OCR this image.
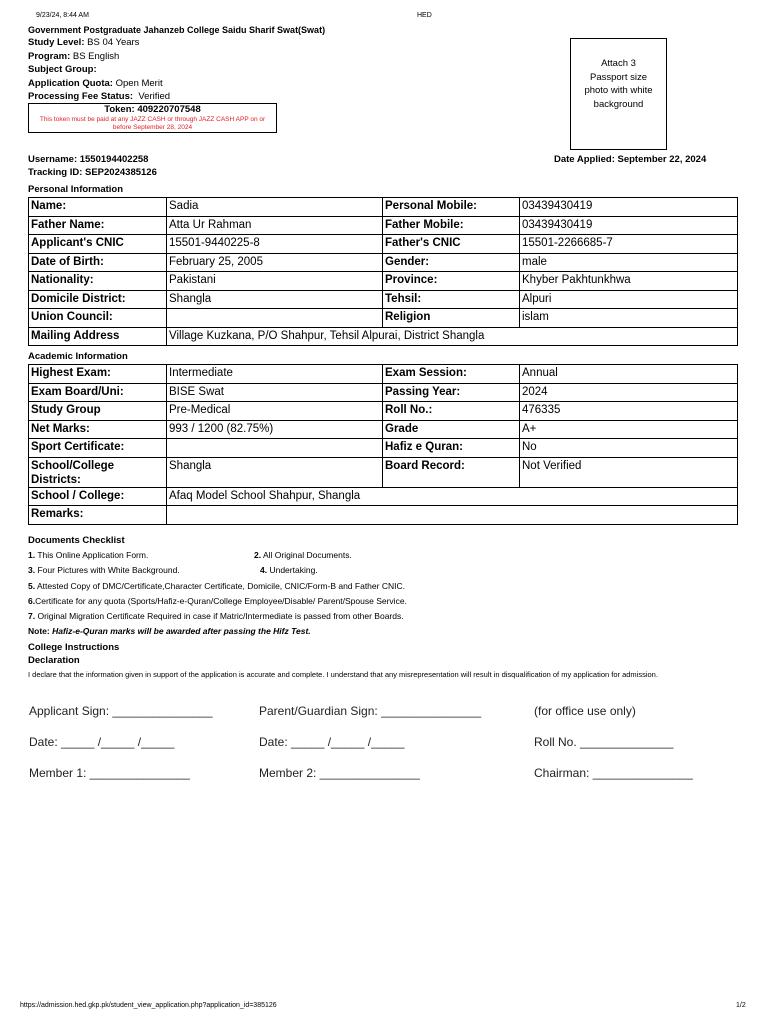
9/23/24, 8:44 AM	HED
Government Postgraduate Jahanzeb College Saidu Sharif Swat(Swat)
Study Level: BS 04 Years
Program: BS English
Subject Group:
Application Quota: Open Merit
Processing Fee Status: Verified
Token: 409220707548
This token must be paid at any JAZZ CASH or through JAZZ CASH APP on or before September 28, 2024
Attach 3 Passport size photo with white background
Username: 1550194402258
Tracking ID: SEP2024385126
Date Applied: September 22, 2024
Personal Information
Name:	Sadia	Personal Mobile:	03439430419
Father Name:	Atta Ur Rahman	Father Mobile:	03439430419
Applicant's CNIC	15501-9440225-8	Father's CNIC	15501-2266685-7
Date of Birth:	February 25, 2005	Gender:	male
Nationality:	Pakistani	Province:	Khyber Pakhtunkhwa
Domicile District:	Shangla	Tehsil:	Alpuri
Union Council:		Religion	islam
Mailing Address	Village Kuzkana, P/O Shahpur, Tehsil Alpurai, District Shangla		
Academic Information
Highest Exam:	Intermediate	Exam Session:	Annual
Exam Board/Uni:	BISE Swat	Passing Year:	2024
Study Group	Pre-Medical	Roll No.:	476335
Net Marks:	993 / 1200 (82.75%)	Grade	A+
Sport Certificate:		Hafiz e Quran:	No
School/College Districts:	Shangla	Board Record:	Not Verified
School / College:	Afaq Model School Shahpur, Shangla		
Remarks:			
Documents Checklist
1. This Online Application Form.	2. All Original Documents.
3. Four Pictures with White Background.	4. Undertaking.
5. Attested Copy of DMC/Certificate,Character Certificate, Domicile, CNIC/Form-B and Father CNIC.
6.Certificate for any quota (Sports/Hafiz-e-Quran/College Employee/Disable/ Parent/Spouse Service.
7. Original Migration Certificate Required in case if Matric/Intermediate is passed from other Boards.
Note: Hafiz-e-Quran marks will be awarded after passing the Hifz Test.
College Instructions
Declaration
I declare that the information given in support of the application is accurate and complete. I understand that any misrepresentation will result in disqualification of my application for admission.
Applicant Sign: _______________	Parent/Guardian Sign: _______________	(for office use only)
Date: _____ /_____ /_____	Date: _____ /_____ /_____	Roll No. ______________
Member 1: _______________	Member 2: _______________	Chairman: _______________
https://admission.hed.gkp.pk/student_view_application.php?application_id=385126	1/2
